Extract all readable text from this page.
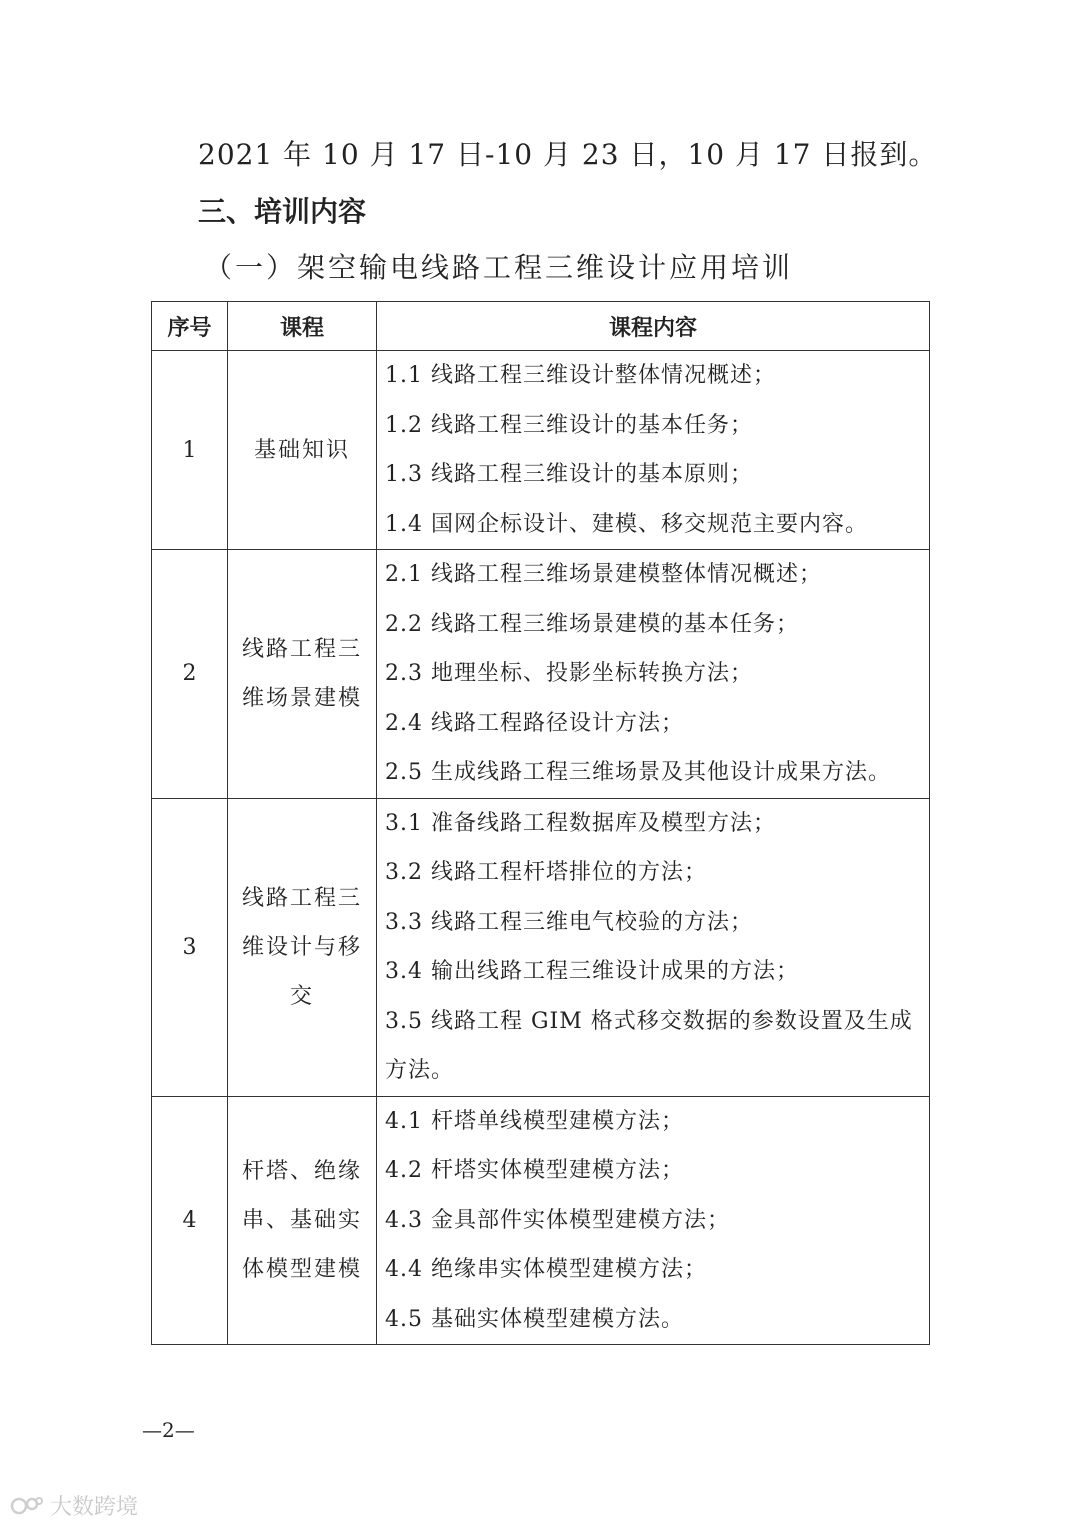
2021 年 10 月 17 日-10 月 23 日，10 月 17 日报到。
三、培训内容
（一）架空输电线路工程三维设计应用培训
序号	课程	课程内容
1	基础知识	1.1 线路工程三维设计整体情况概述；
1.2 线路工程三维设计的基本任务；
1.3 线路工程三维设计的基本原则；
1.4 国网企标设计、建模、移交规范主要内容。

2	线路工程三维场景建模	2.1 线路工程三维场景建模整体情况概述；
2.2 线路工程三维场景建模的基本任务；
2.3 地理坐标、投影坐标转换方法；
2.4 线路工程路径设计方法；
2.5 生成线路工程三维场景及其他设计成果方法。

3	线路工程三维设计与移交	3.1 准备线路工程数据库及模型方法；
3.2 线路工程杆塔排位的方法；
3.3 线路工程三维电气校验的方法；
3.4 输出线路工程三维设计成果的方法；
3.5 线路工程 GIM 格式移交数据的参数设置及生成方法。

4	杆塔、绝缘串、基础实体模型建模	4.1 杆塔单线模型建模方法；
4.2 杆塔实体模型建模方法；
4.3 金具部件实体模型建模方法；
4.4 绝缘串实体模型建模方法；
4.5 基础实体模型建模方法。
—2—
大数跨境
